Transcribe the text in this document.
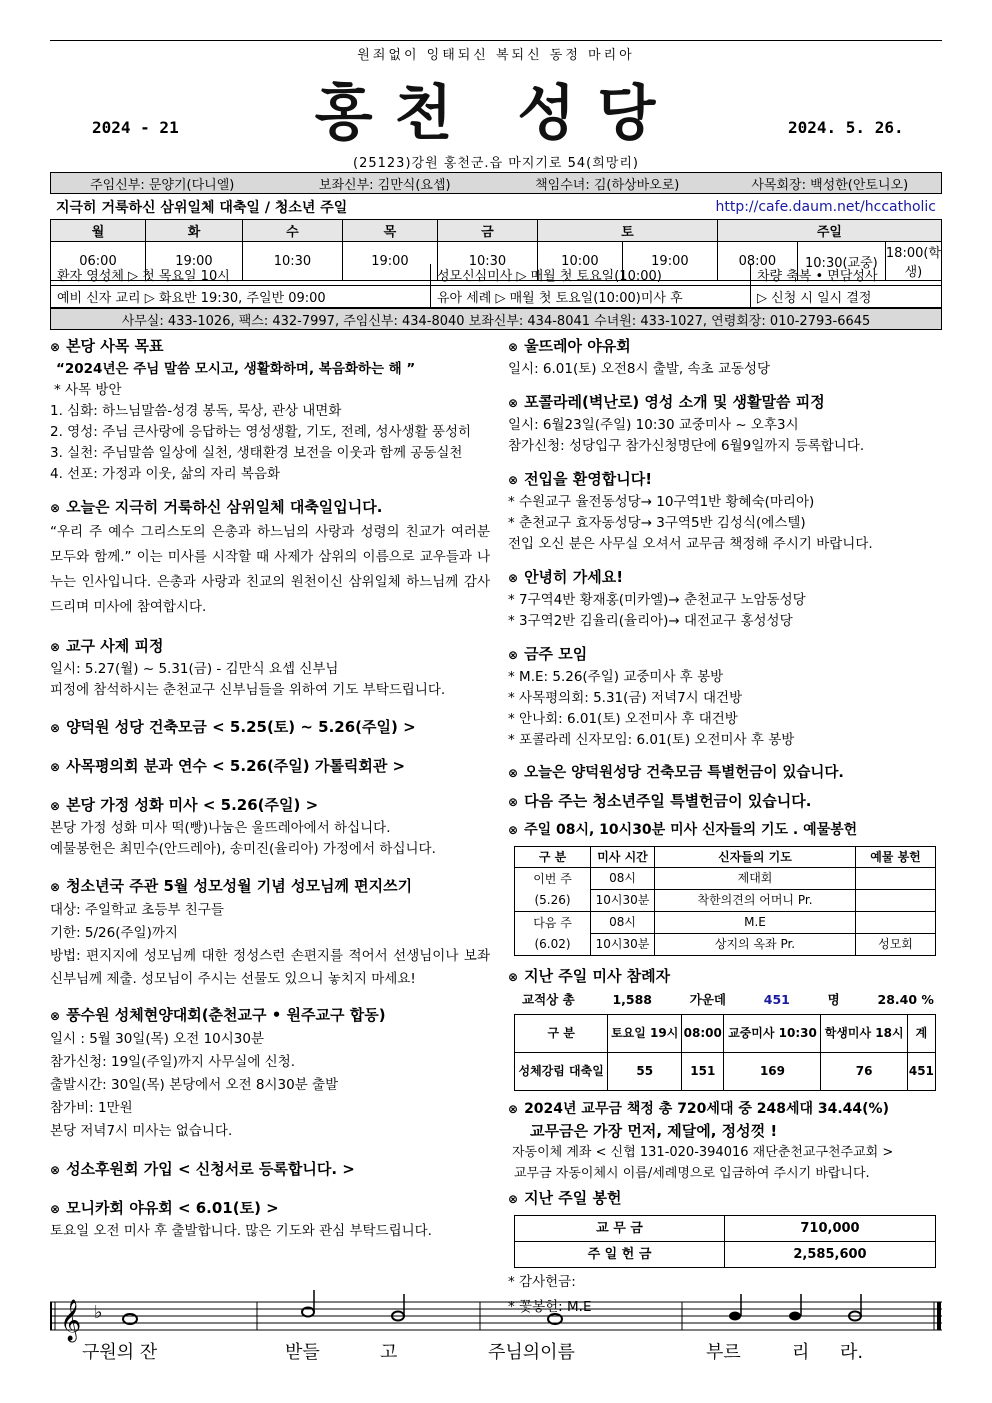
원죄없이 잉태되신 복되신 동정 마리아
홍천 성당
2024 - 21	2024. 5. 26.
(25123)강원 홍천군.읍 마지기로 54(희망리)
주임신부: 문양기(다니엘)	보좌신부: 김만식(요셉)	책임수녀: 김(하상바오로)	사목회장: 백성한(안토니오)
지극히 거룩하신 삼위일체 대축일 / 청소년 주일	http://cafe.daum.net/hccatholic
월	화	수	목	금	토		주일		
06:00	19:00	10:30	19:00	10:30	10:00	19:00	08:00	10:30(교중)	18:00(학생)
환자 영성체 ▷ 첫 목요일 10시	성모신심미사 ▷ 매월 첫 토요일(10:00)	차량 축복 • 면담성사
예비 신자 교리 ▷ 화요반 19:30, 주일반 09:00	유아 세례 ▷ 매월 첫 토요일(10:00)미사 후	▷ 신청 시 일시 결정
사무실: 433-1026, 팩스: 432-7997, 주임신부: 434-8040 보좌신부: 434-8041 수녀원: 433-1027, 연령회장: 010-2793-6645
⊗ 본당 사목 목표
“2024년은 주님 말씀 모시고, 생활화하며, 복음화하는 해 ”
* 사목 방안
1. 심화: 하느님말씀-성경 봉독, 묵상, 관상 내면화
2. 영성: 주님 큰사랑에 응답하는 영성생활, 기도, 전례, 성사생활 풍성히
3. 실천: 주님말씀 일상에 실천, 생태환경 보전을 이웃과 함께 공동실천
4. 선포: 가정과 이웃, 삶의 자리 복음화
⊗ 오늘은 지극히 거룩하신 삼위일체 대축일입니다.
“우리 주 예수 그리스도의 은총과 하느님의 사랑과 성령의 친교가 여러분 모두와 함께.” 이는 미사를 시작할 때 사제가 삼위의 이름으로 교우들과 나누는 인사입니다. 은총과 사랑과 친교의 원천이신 삼위일체 하느님께 감사드리며 미사에 참여합시다.
⊗ 교구 사제 피정
일시: 5.27(월) ~ 5.31(금) - 김만식 요셉 신부님
피정에 참석하시는 춘천교구 신부님들을 위하여 기도 부탁드립니다.
⊗ 양덕원 성당 건축모금 < 5.25(토) ~ 5.26(주일) >
⊗ 사목평의회 분과 연수 < 5.26(주일) 가톨릭회관 >
⊗ 본당 가정 성화 미사 < 5.26(주일) >
본당 가정 성화 미사 떡(빵)나눔은 울뜨레아에서 하십니다.
예물봉헌은 최민수(안드레아), 송미진(율리아) 가정에서 하십니다.
⊗ 청소년국 주관 5월 성모성월 기념 성모님께 편지쓰기
대상: 주일학교 초등부 친구들
기한: 5/26(주일)까지
방법: 편지지에 성모님께 대한 정성스런 손편지를 적어서 선생님이나 보좌신부님께 제출. 성모님이 주시는 선물도 있으니 놓치지 마세요!
⊗ 풍수원 성체현양대회(춘천교구 • 원주교구 합동)
일시 : 5월 30일(목) 오전 10시30분
참가신청: 19일(주일)까지 사무실에 신청.
출발시간: 30일(목) 본당에서 오전 8시30분 출발
참가비: 1만원
본당 저녁7시 미사는 없습니다.
⊗ 성소후원회 가입 < 신청서로 등록합니다. >
⊗ 모니카회 야유회 < 6.01(토) >
토요일 오전 미사 후 출발합니다. 많은 기도와 관심 부탁드립니다.
⊗ 울뜨레아 야유회
일시: 6.01(토) 오전8시 출발, 속초 교동성당
⊗ 포콜라레(벽난로) 영성 소개 및 생활말씀 피정
일시: 6월23일(주일) 10:30 교중미사 ~ 오후3시
참가신청: 성당입구 참가신청명단에 6월9일까지 등록합니다.
⊗ 전입을 환영합니다!
* 수원교구 율전동성당→ 10구역1반 황혜숙(마리아)
* 춘천교구 효자동성당→ 3구역5반 김성식(에스텔)
전입 오신 분은 사무실 오셔서 교무금 책정해 주시기 바랍니다.
⊗ 안녕히 가세요!
* 7구역4반 황재홍(미카엘)→ 춘천교구 노암동성당
* 3구역2반 김율리(율리아)→ 대전교구 홍성성당
⊗ 금주 모임
* M.E: 5.26(주일) 교중미사 후 봉방
* 사목평의회: 5.31(금) 저녁7시 대건방
* 안나회: 6.01(토) 오전미사 후 대건방
* 포콜라레 신자모임: 6.01(토) 오전미사 후 봉방
⊗ 오늘은 양덕원성당 건축모금 특별헌금이 있습니다.
⊗ 다음 주는 청소년주일 특별헌금이 있습니다.
⊗ 주일 08시, 10시30분 미사 신자들의 기도 . 예물봉헌
구 분	미사 시간	신자들의 기도	예물 봉헌
이번 주 (5.26)	08시	제대회	
	10시30분	착한의견의 어머니 Pr.	
다음 주 (6.02)	08시	M.E	
	10시30분	상지의 옥좌 Pr.	성모회
⊗ 지난 주일 미사 참례자
교적상 총	1,588	가운데	451	명	28.40 %
구 분	토요일 19시	08:00	교중미사 10:30	학생미사 18시	계
성체강림 대축일	55	151	169	76	451
⊗ 2024년 교무금 책정 총 720세대 중 248세대 34.44(%)
교무금은 가장 먼저, 제달에, 정성껏 !
자동이체 계좌 < 신협 131-020-394016 재단춘천교구천주교회 >
교무금 자동이체시 이름/세례명으로 입금하여 주시기 바랍니다.
⊗ 지난 주일 봉헌
교 무 금	710,000
주 일 헌 금	2,585,600
* 감사헌금:
* 꽃봉헌: M.E
𝄞 ♭
구원의 잔	받들	고	주님의이름	부르	리 라.
